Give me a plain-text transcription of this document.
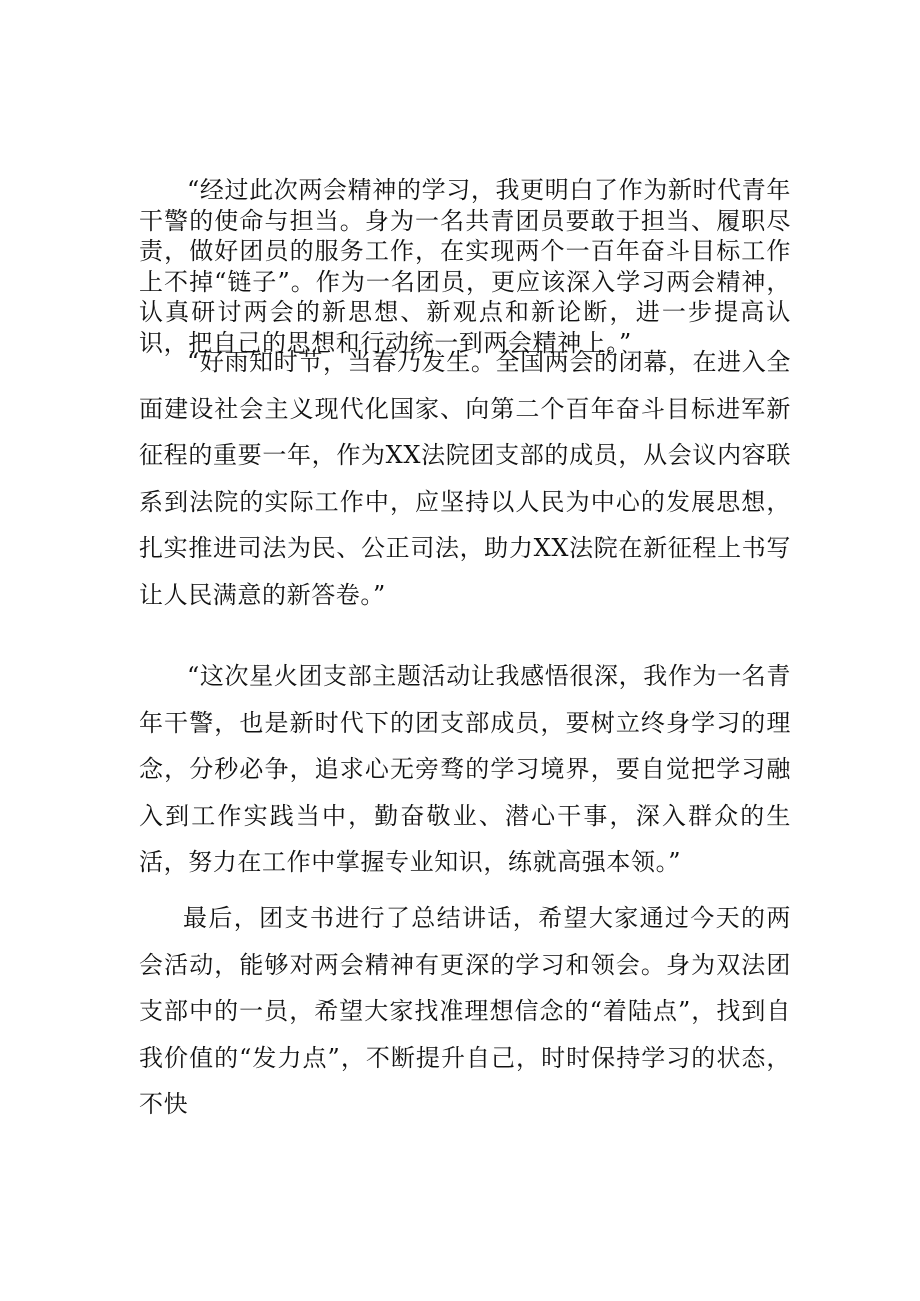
“经过此次两会精神的学习，我更明白了作为新时代青年干警的使命与担当。身为一名共青团员要敢于担当、履职尽责，做好团员的服务工作，在实现两个一百年奋斗目标工作上不掉“链子”。作为一名团员，更应该深入学习两会精神，认真研讨两会的新思想、新观点和新论断，进一步提高认识，把自己的思想和行动统一到两会精神上。”

“好雨知时节，当春乃发生。全国两会的闭幕，在进入全面建设社会主义现代化国家、向第二个百年奋斗目标进军新征程的重要一年，作为XX法院团支部的成员，从会议内容联系到法院的实际工作中，应坚持以人民为中心的发展思想，扎实推进司法为民、公正司法，助力XX法院在新征程上书写让人民满意的新答卷。”

“这次星火团支部主题活动让我感悟很深，我作为一名青年干警，也是新时代下的团支部成员，要树立终身学习的理念，分秒必争，追求心无旁骛的学习境界，要自觉把学习融入到工作实践当中，勤奋敬业、潜心干事，深入群众的生活，努力在工作中掌握专业知识，练就高强本领。”

最后，团支书进行了总结讲话，希望大家通过今天的两会活动，能够对两会精神有更深的学习和领会。身为双法团支部中的一员，希望大家找准理想信念的“着陆点”，找到自我价值的“发力点”，不断提升自己，时时保持学习的状态，不快
